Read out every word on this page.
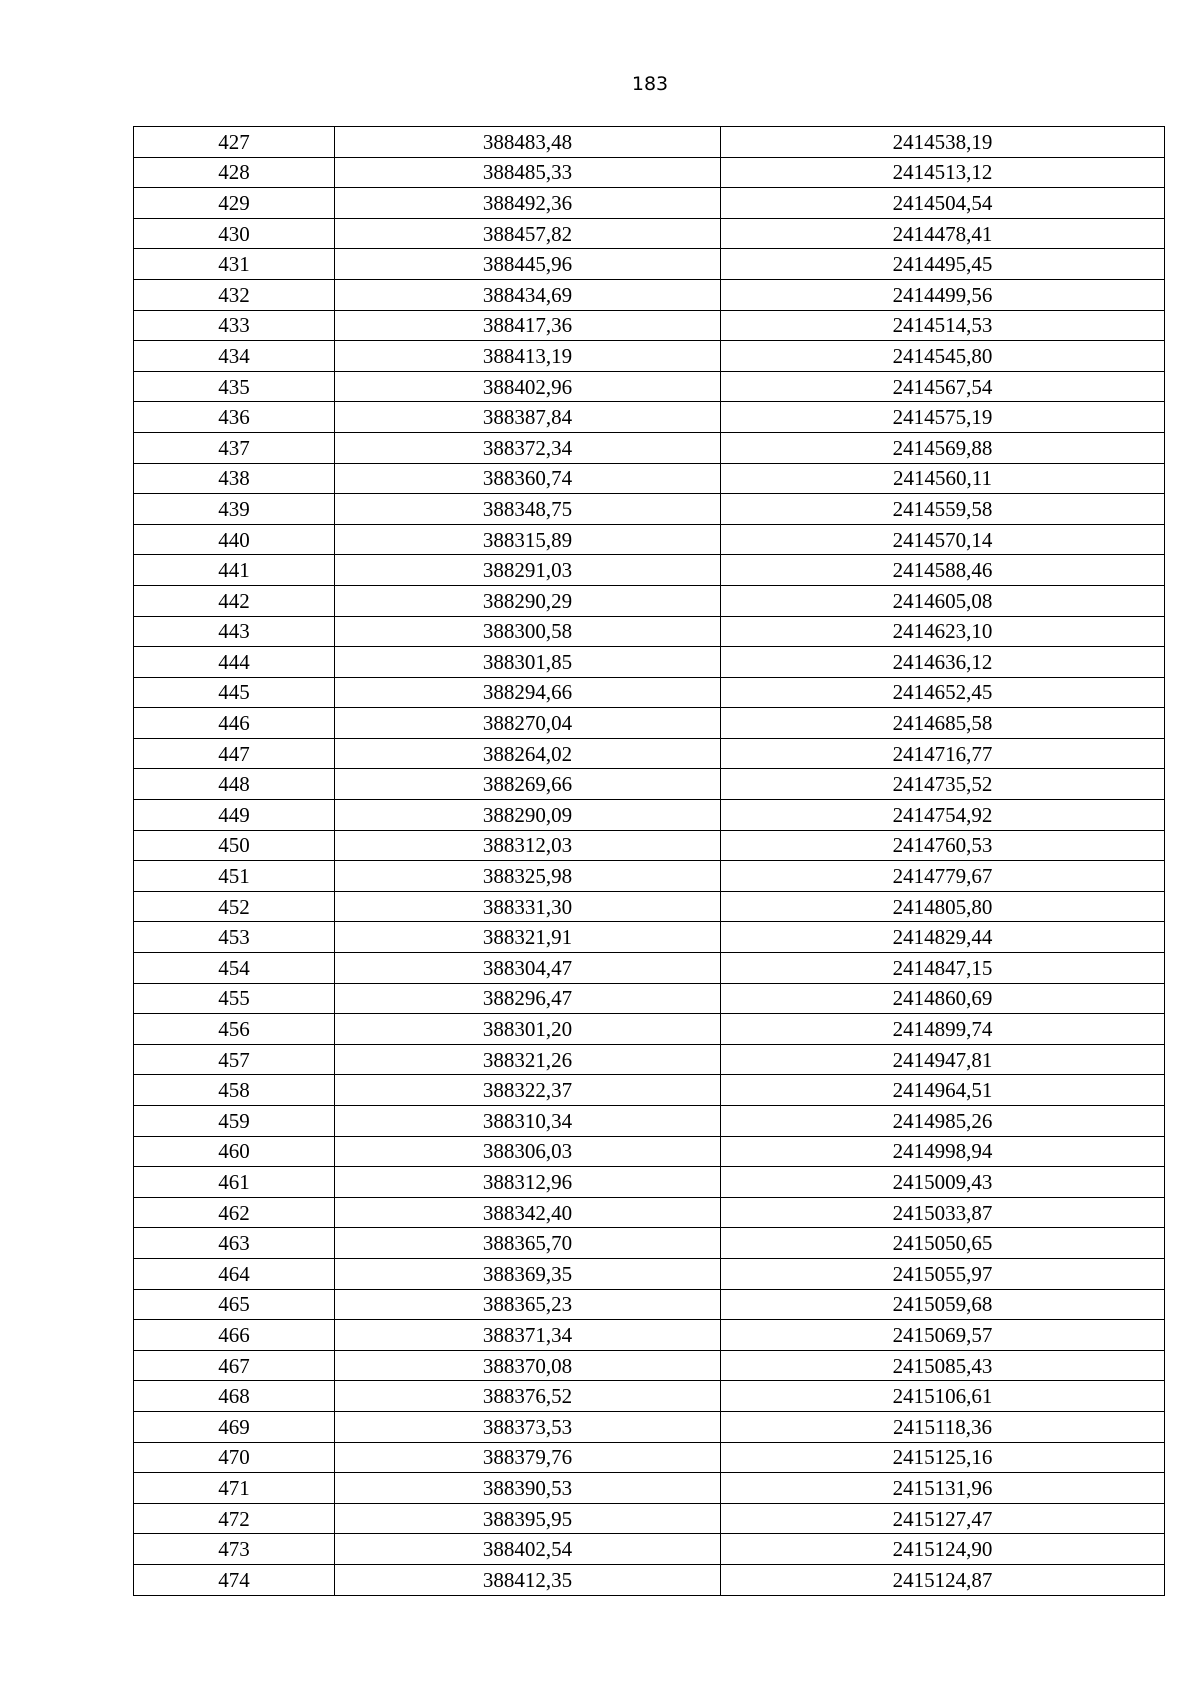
183
427	388483,48	2414538,19
428	388485,33	2414513,12
429	388492,36	2414504,54
430	388457,82	2414478,41
431	388445,96	2414495,45
432	388434,69	2414499,56
433	388417,36	2414514,53
434	388413,19	2414545,80
435	388402,96	2414567,54
436	388387,84	2414575,19
437	388372,34	2414569,88
438	388360,74	2414560,11
439	388348,75	2414559,58
440	388315,89	2414570,14
441	388291,03	2414588,46
442	388290,29	2414605,08
443	388300,58	2414623,10
444	388301,85	2414636,12
445	388294,66	2414652,45
446	388270,04	2414685,58
447	388264,02	2414716,77
448	388269,66	2414735,52
449	388290,09	2414754,92
450	388312,03	2414760,53
451	388325,98	2414779,67
452	388331,30	2414805,80
453	388321,91	2414829,44
454	388304,47	2414847,15
455	388296,47	2414860,69
456	388301,20	2414899,74
457	388321,26	2414947,81
458	388322,37	2414964,51
459	388310,34	2414985,26
460	388306,03	2414998,94
461	388312,96	2415009,43
462	388342,40	2415033,87
463	388365,70	2415050,65
464	388369,35	2415055,97
465	388365,23	2415059,68
466	388371,34	2415069,57
467	388370,08	2415085,43
468	388376,52	2415106,61
469	388373,53	2415118,36
470	388379,76	2415125,16
471	388390,53	2415131,96
472	388395,95	2415127,47
473	388402,54	2415124,90
474	388412,35	2415124,87
